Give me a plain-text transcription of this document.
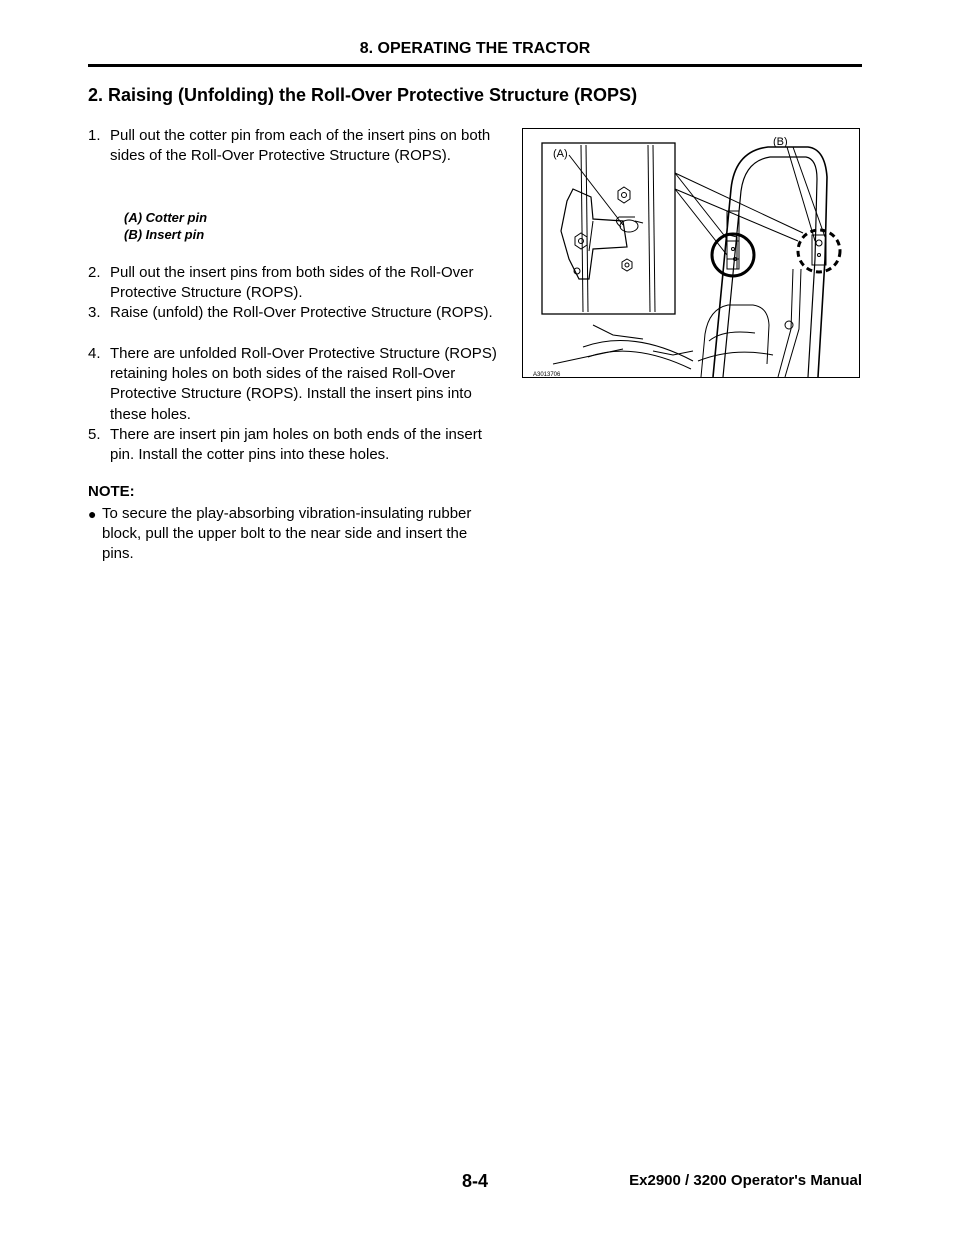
8. OPERATING THE TRACTOR
2. Raising (Unfolding) the Roll-Over Protective Structure (ROPS)
1. Pull out the cotter pin from each of the insert pins on both sides of the Roll-Over Protective Structure (ROPS).
(A) Cotter pin
(B) Insert pin
2. Pull out the insert pins from both sides of the Roll-Over Protective Structure (ROPS).
3. Raise (unfold) the Roll-Over Protective Structure (ROPS).
4. There are unfolded Roll-Over Protective Structure (ROPS) retaining holes on both sides of the raised Roll-Over Protective Structure (ROPS). Install the insert pins into these holes.
5. There are insert pin jam holes on both ends of the insert pin. Install the cotter pins into these holes.
NOTE:
● To secure the play-absorbing vibration-insulating rubber block, pull the upper bolt to the near side and insert the pins.
(A)
(B)
A3013706
8-4	Ex2900 / 3200 Operator's Manual
